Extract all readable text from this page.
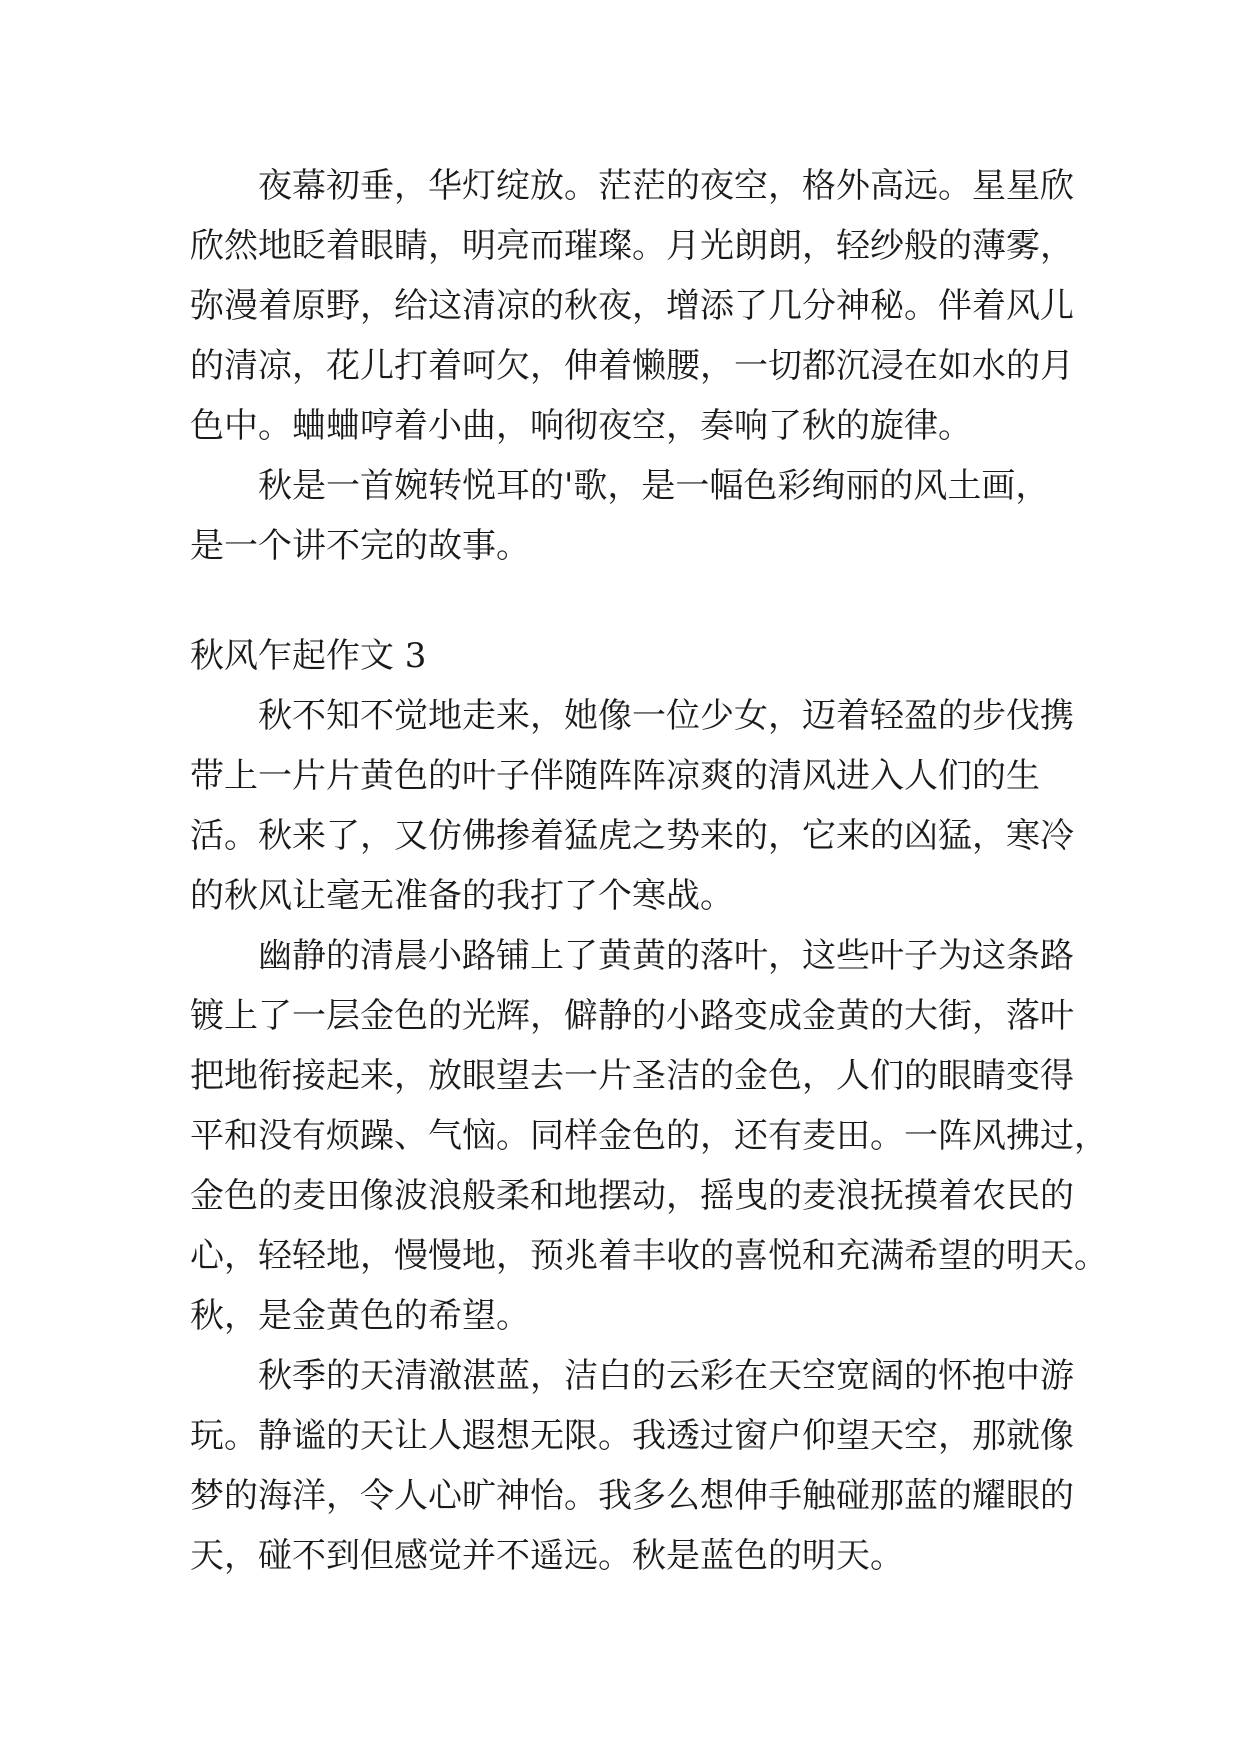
夜幕初垂，华灯绽放。茫茫的夜空，格外高远。星星欣
欣然地眨着眼睛，明亮而璀璨。月光朗朗，轻纱般的薄雾，
弥漫着原野，给这清凉的秋夜，增添了几分神秘。伴着风儿
的清凉，花儿打着呵欠，伸着懒腰，一切都沉浸在如水的月
色中。蛐蛐哼着小曲，响彻夜空，奏响了秋的旋律。
秋是一首婉转悦耳的'歌，是一幅色彩绚丽的风土画，
是一个讲不完的故事。
秋风乍起作文 3
秋不知不觉地走来，她像一位少女，迈着轻盈的步伐携
带上一片片黄色的叶子伴随阵阵凉爽的清风进入人们的生
活。秋来了，又仿佛掺着猛虎之势来的，它来的凶猛，寒冷
的秋风让毫无准备的我打了个寒战。
幽静的清晨小路铺上了黄黄的落叶，这些叶子为这条路
镀上了一层金色的光辉，僻静的小路变成金黄的大街，落叶
把地衔接起来，放眼望去一片圣洁的金色，人们的眼睛变得
平和没有烦躁、气恼。同样金色的，还有麦田。一阵风拂过，
金色的麦田像波浪般柔和地摆动，摇曳的麦浪抚摸着农民的
心，轻轻地，慢慢地，预兆着丰收的喜悦和充满希望的明天。
秋，是金黄色的希望。
秋季的天清澈湛蓝，洁白的云彩在天空宽阔的怀抱中游
玩。静谧的天让人遐想无限。我透过窗户仰望天空，那就像
梦的海洋，令人心旷神怡。我多么想伸手触碰那蓝的耀眼的
天，碰不到但感觉并不遥远。秋是蓝色的明天。
